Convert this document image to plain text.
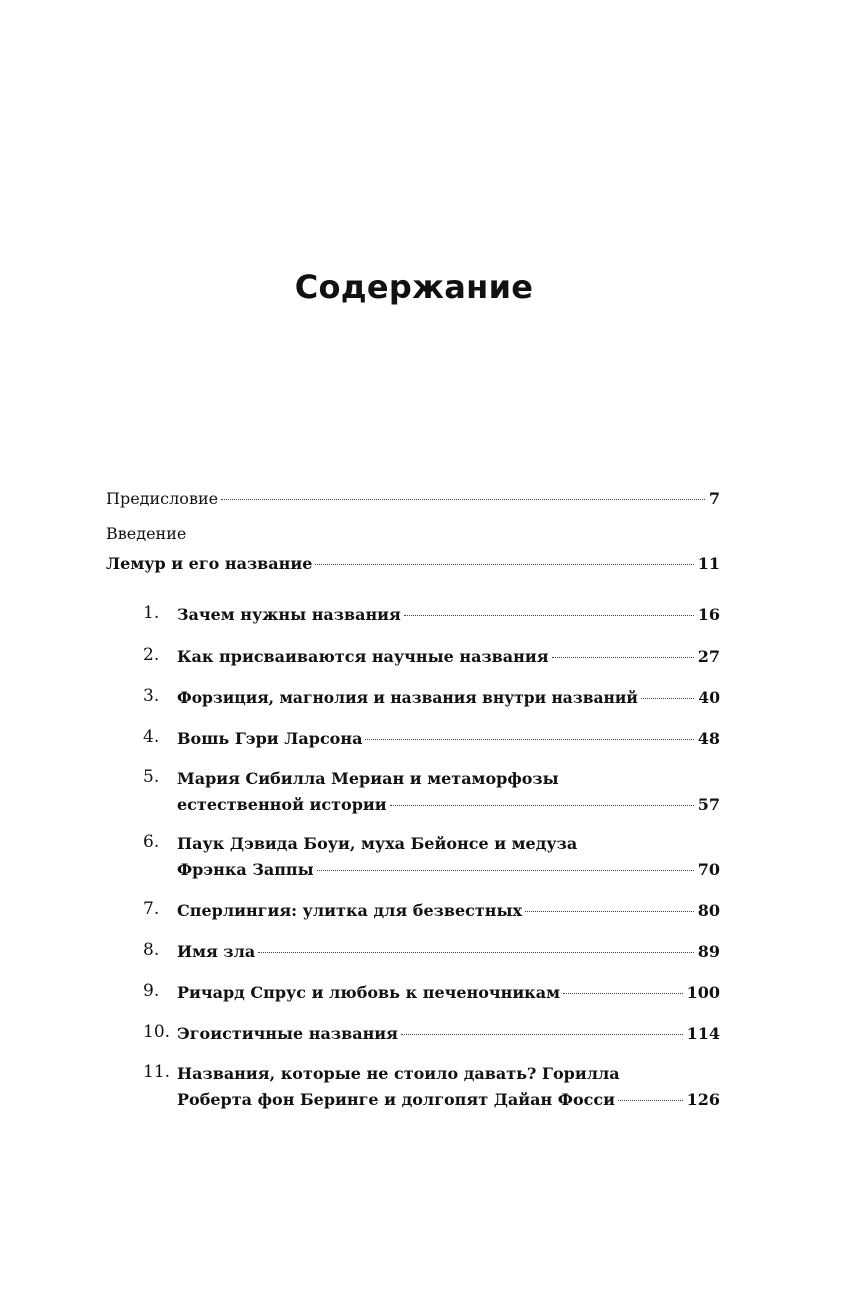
Содержание
Предисловие	7
Введение
Лемур и его название	11
1. Зачем нужны названия	16
2. Как присваиваются научные названия	27
3. Форзиция, магнолия и названия внутри названий	40
4. Вошь Гэри Ларсона	48
5. Мария Сибилла Мериан и метаморфозы
естественной истории	57
6. Паук Дэвида Боуи, муха Бейонсе и медуза
Фрэнка Заппы	70
7. Сперлингия: улитка для безвестных	80
8. Имя зла	89
9. Ричард Спрус и любовь к печеночникам	100
10. Эгоистичные названия	114
11. Названия, которые не стоило давать? Горилла
Роберта фон Беринге и долгопят Дайан Фосси	126
